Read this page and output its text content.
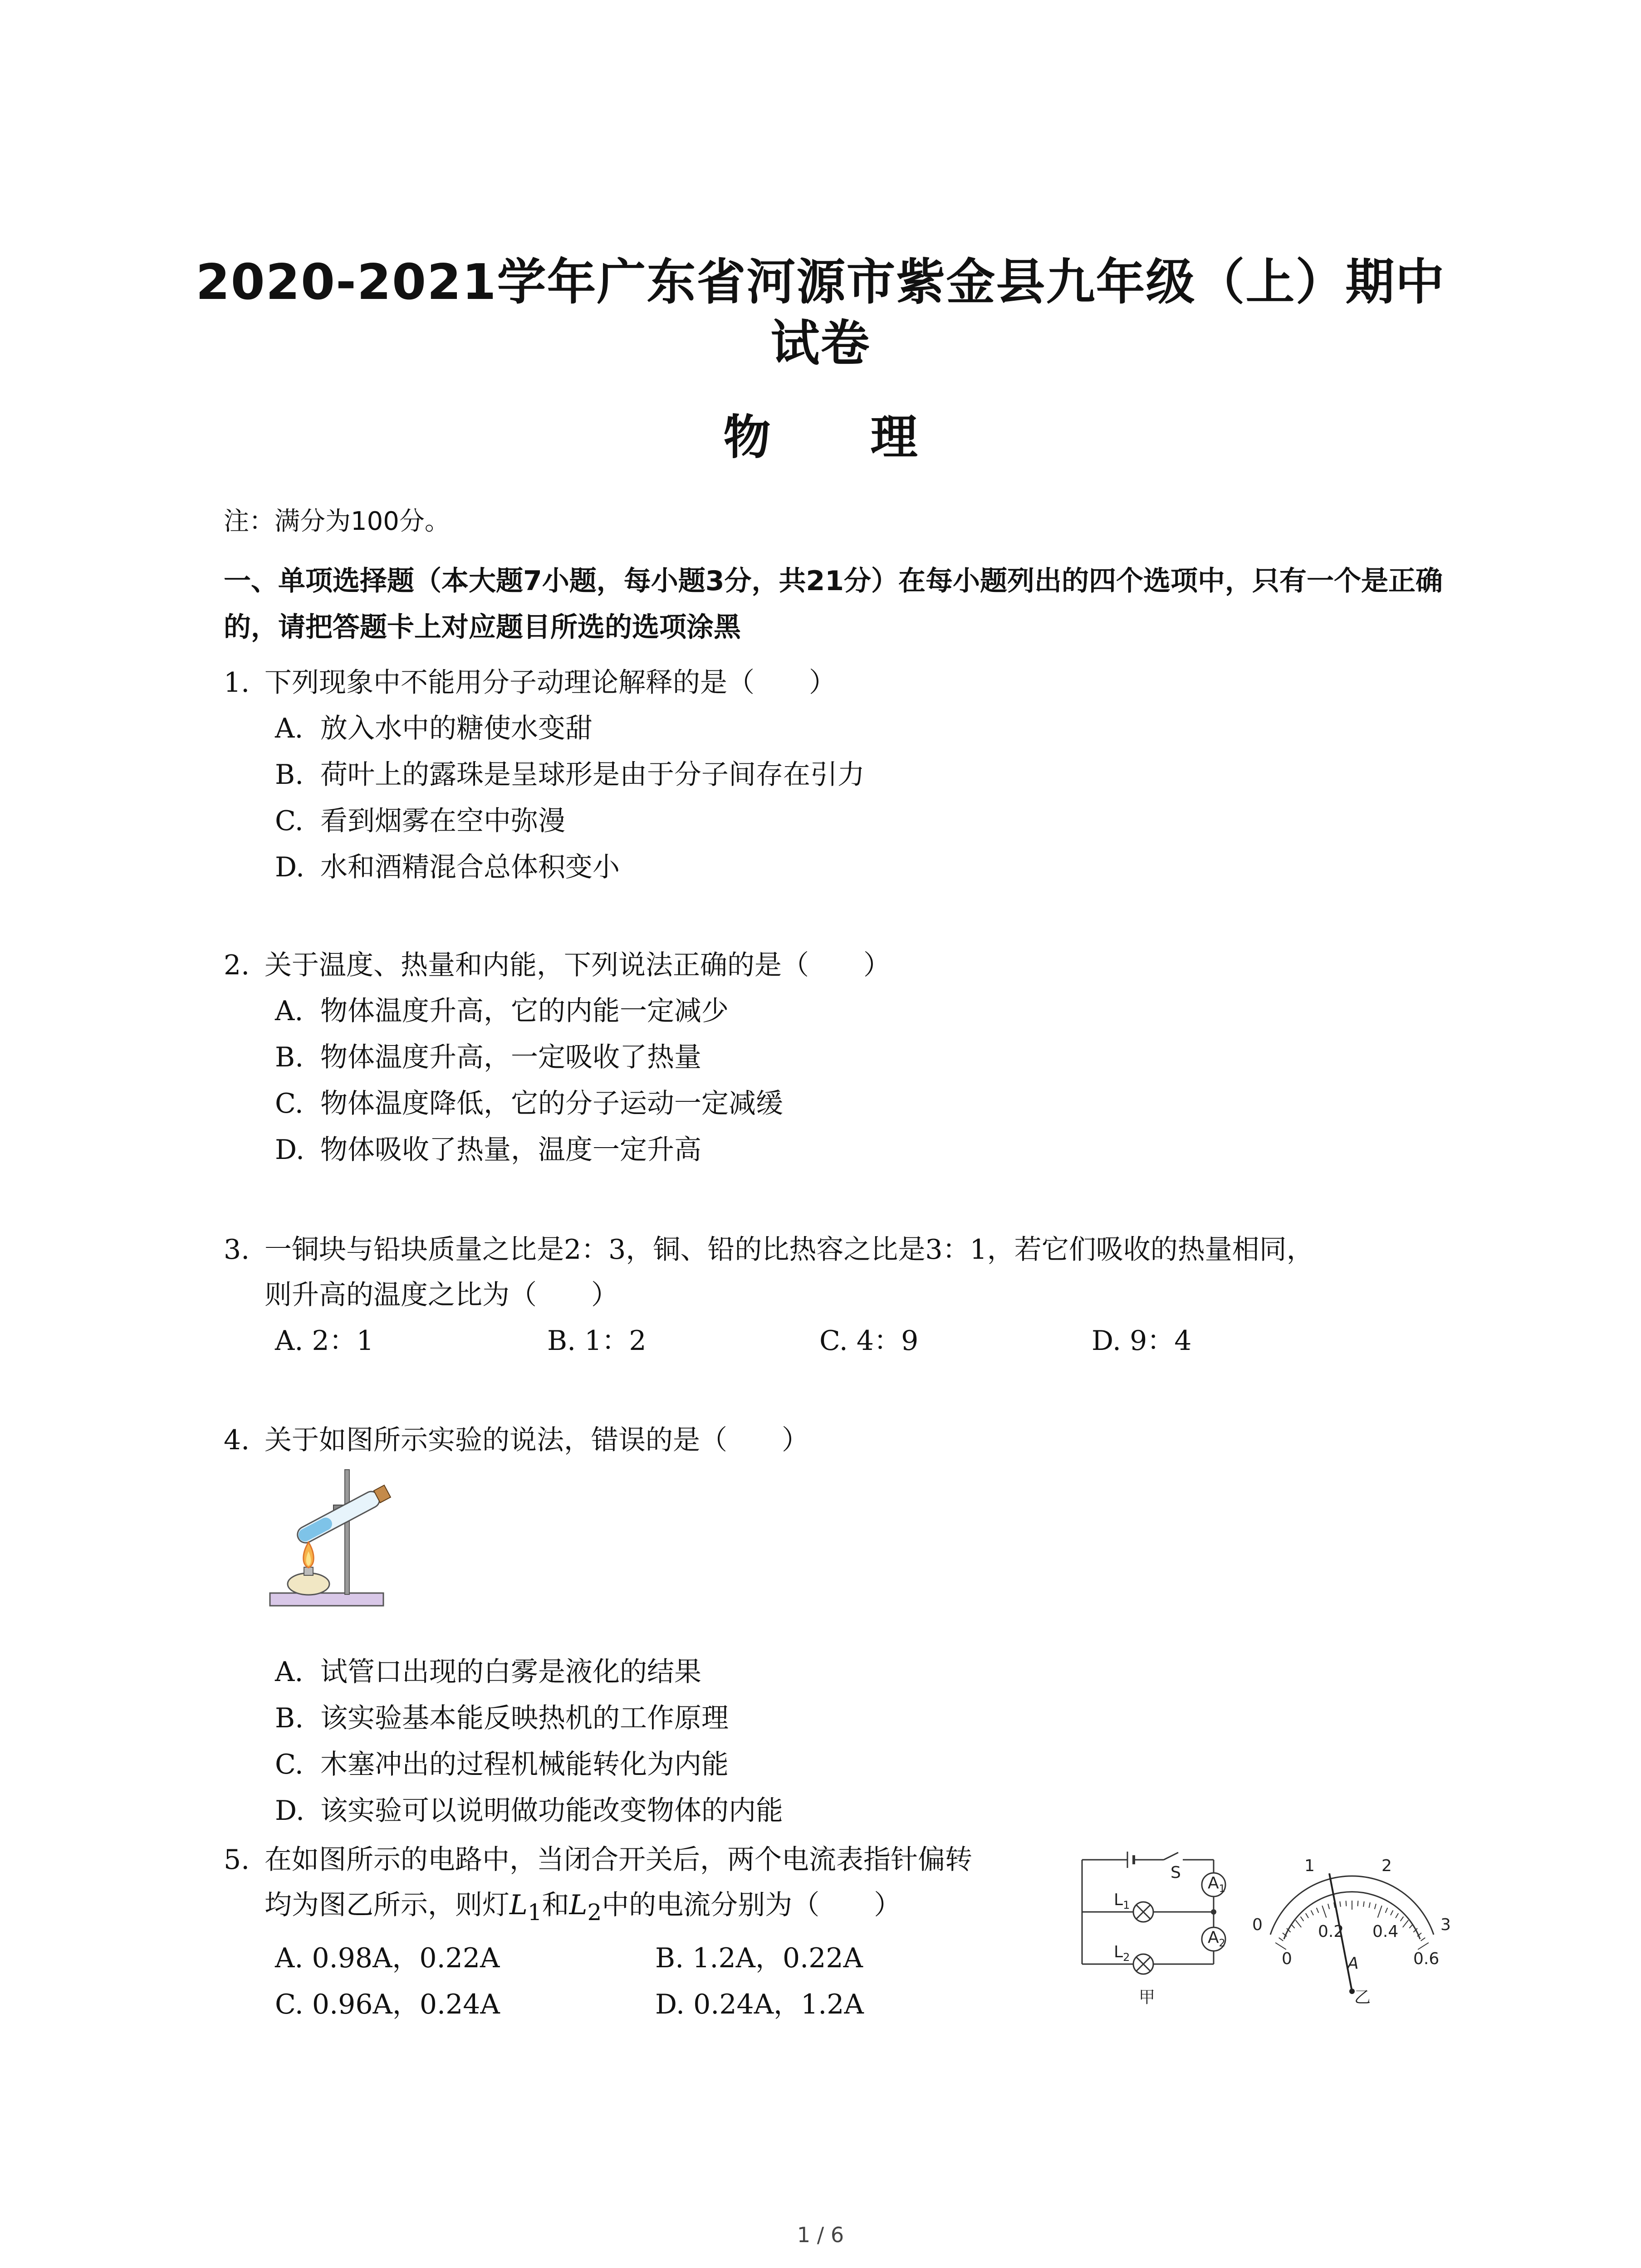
2020-2021学年广东省河源市紫金县九年级（上）期中
试卷
物 理
注：满分为100分。
一、单项选择题（本大题7小题，每小题3分，共21分）在每小题列出的四个选项中，只有一个是正确的，请把答题卡上对应题目所选的选项涂黑
1. 下列现象中不能用分子动理论解释的是（　　）
A. 放入水中的糖使水变甜
B. 荷叶上的露珠是呈球形是由于分子间存在引力
C. 看到烟雾在空中弥漫
D. 水和酒精混合总体积变小
2. 关于温度、热量和内能，下列说法正确的是（　　）
A. 物体温度升高，它的内能一定减少
B. 物体温度升高，一定吸收了热量
C. 物体温度降低，它的分子运动一定减缓
D. 物体吸收了热量，温度一定升高
3. 一铜块与铅块质量之比是2：3，铜、铅的比热容之比是3：1，若它们吸收的热量相同，
则升高的温度之比为（　　）
A. 2：1	B. 1：2	C. 4：9	D. 9：4
4. 关于如图所示实验的说法，错误的是（　　）
A. 试管口出现的白雾是液化的结果
B. 该实验基本能反映热机的工作原理
C. 木塞冲出的过程机械能转化为内能
D. 该实验可以说明做功能改变物体的内能
5. 在如图所示的电路中，当闭合开关后，两个电流表指针偏转
均为图乙所示，则灯$L_1$和$L_2$中的电流分别为（　　）
A. 0.98A，0.22A	B. 1.2A，0.22A
C. 0.96A，0.24A	D. 0.24A，1.2A
S
$L_1$
$L_2$
$A_1$
$A_2$
甲
0
1	2
3
0
0.2 0.4
0.6
A
乙
1 / 6
